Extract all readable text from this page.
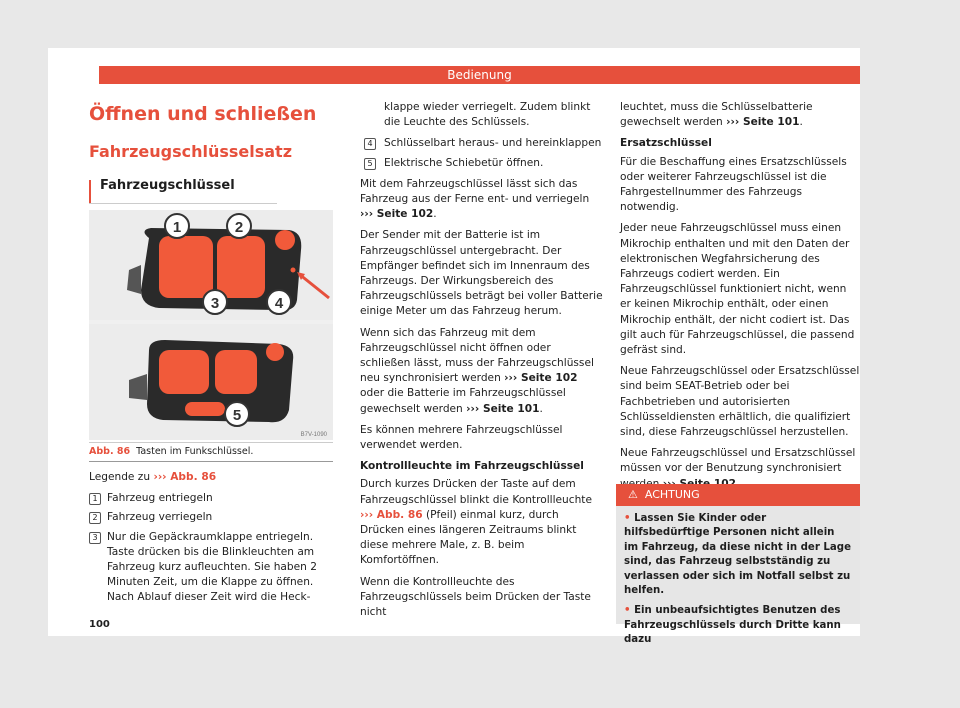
Bedienung
Öffnen und schließen
Fahrzeugschlüsselsatz
Fahrzeugschlüssel
1	2
3	4
5
B7V-1090
Abb. 86 Tasten im Funkschlüssel.

Legende zu ››› Abb. 86

1 Fahrzeug entriegeln
2 Fahrzeug verriegeln
3 Nur die Gepäckraumklappe entriegeln. Taste drücken bis die Blinkleuchten am Fahrzeug kurz aufleuchten. Sie haben 2 Minuten Zeit, um die Klappe zu öffnen. Nach Ablauf dieser Zeit wird die Heck-
100
klappe wieder verriegelt. Zudem blinkt die Leuchte des Schlüssels.
4	Schlüsselbart heraus- und hereinklappen
5	Elektrische Schiebetür öffnen.

Mit dem Fahrzeugschlüssel lässt sich das Fahrzeug aus der Ferne ent- und verriegeln ››› Seite 102.

Der Sender mit der Batterie ist im Fahrzeugschlüssel untergebracht. Der Empfänger befindet sich im Innenraum des Fahrzeugs. Der Wirkungsbereich des Fahrzeugschlüssels beträgt bei voller Batterie einige Meter um das Fahrzeug herum.

Wenn sich das Fahrzeug mit dem Fahrzeugschlüssel nicht öffnen oder schließen lässt, muss der Fahrzeugschlüssel neu synchronisiert werden ››› Seite 102 oder die Batterie im Fahrzeugschlüssel gewechselt werden ››› Seite 101.

Es können mehrere Fahrzeugschlüssel verwendet werden.

Kontrollleuchte im Fahrzeugschlüssel

Durch kurzes Drücken der Taste auf dem Fahrzeugschlüssel blinkt die Kontrollleuchte ››› Abb. 86 (Pfeil) einmal kurz, durch Drücken eines längeren Zeitraums blinkt diese mehrere Male, z. B. beim Komfortöffnen.

Wenn die Kontrollleuchte des Fahrzeugschlüssels beim Drücken der Taste nicht

leuchtet, muss die Schlüsselbatterie gewechselt werden ››› Seite 101.

Ersatzschlüssel

Für die Beschaffung eines Ersatzschlüssels oder weiterer Fahrzeugschlüssel ist die Fahrgestellnummer des Fahrzeugs notwendig.

Jeder neue Fahrzeugschlüssel muss einen Mikrochip enthalten und mit den Daten der elektronischen Wegfahrsicherung des Fahrzeugs codiert werden. Ein Fahrzeugschlüssel funktioniert nicht, wenn er keinen Mikrochip enthält, oder einen Mikrochip enthält, der nicht codiert ist. Das gilt auch für Fahrzeugschlüssel, die passend gefräst sind.

Neue Fahrzeugschlüssel oder Ersatzschlüssel sind beim SEAT-Betrieb oder bei Fachbetrieben und autorisierten Schlüsseldiensten erhältlich, die qualifiziert sind, diese Fahrzeugschlüssel herzustellen.

Neue Fahrzeugschlüssel und Ersatzschlüssel müssen vor der Benutzung synchronisiert

⚠ ACHTUNG
• Lassen Sie Kinder oder hilfsbedürftige Personen nicht allein im Fahrzeug, da diese nicht in der Lage sind, das Fahrzeug selbstständig zu verlassen oder sich im Notfall selbst zu helfen.
• Ein unbeaufsichtigtes Benutzen des Fahrzeugschlüssels durch Dritte kann dazu
